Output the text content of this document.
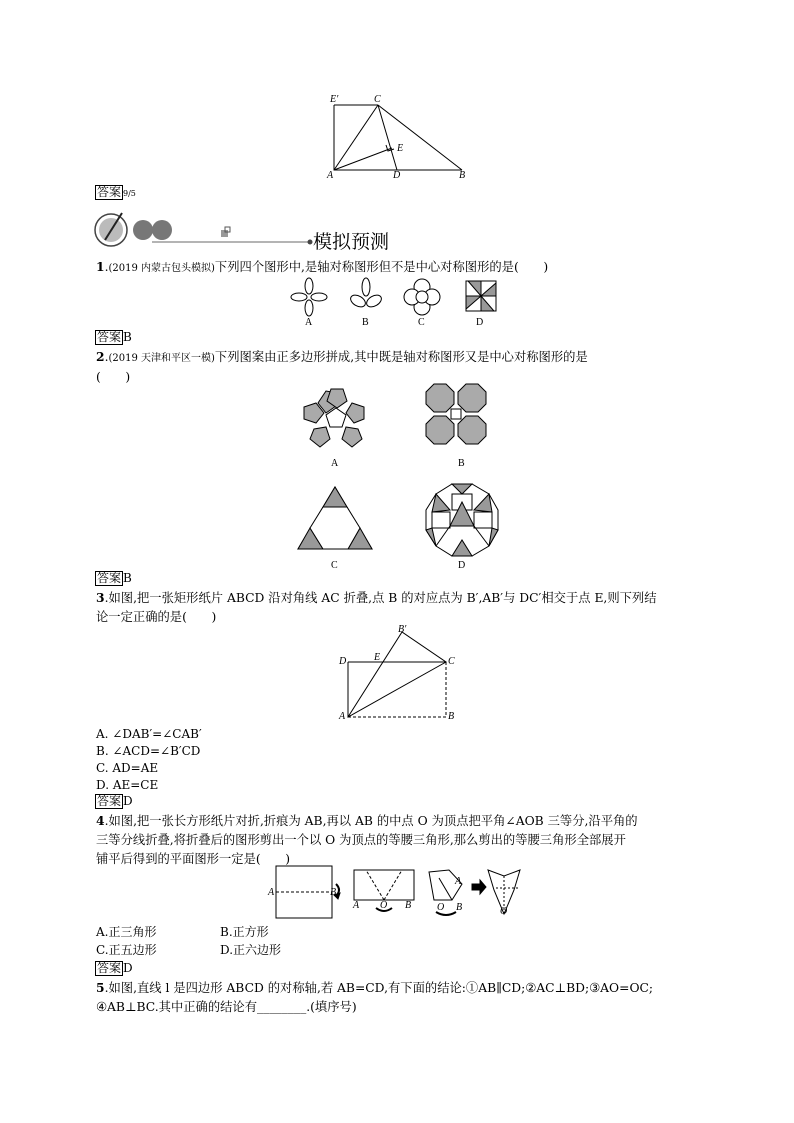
E′	C
E
A	D	B
答案 9/5
模拟预测
1.(2019 内蒙古包头模拟)下列四个图形中,是轴对称图形但不是中心对称图形的是(　　)
A	B	C	D
答案 B
2.(2019 天津和平区一模)下列图案由正多边形拼成,其中既是轴对称图形又是中心对称图形的是
(　　)
A	B
C	D
答案 B
3.如图,把一张矩形纸片 ABCD 沿对角线 AC 折叠,点 B 的对应点为 B′,AB′与 DC′相交于点 E,则下列结
论一定正确的是(　　)
B′
D	E	C
A	B
A. ∠DAB′=∠CAB′
B. ∠ACD=∠B′CD
C. AD=AE
D. AE=CE
答案 D
4.如图,把一张长方形纸片对折,折痕为 AB,再以 AB 的中点 O 为顶点把平角∠AOB 三等分,沿平角的
三等分线折叠,将折叠后的图形剪出一个以 O 为顶点的等腰三角形,那么剪出的等腰三角形全部展开
铺平后得到的平面图形一定是(　　)
A	B
A O B
A
O B	O
A.正三角形	B.正方形
C.正五边形	D.正六边形
答案 D
5.如图,直线 l 是四边形 ABCD 的对称轴,若 AB=CD,有下面的结论:①AB∥CD;②AC⊥BD;③AO=OC;
④AB⊥BC.其中正确的结论有________.(填序号)
